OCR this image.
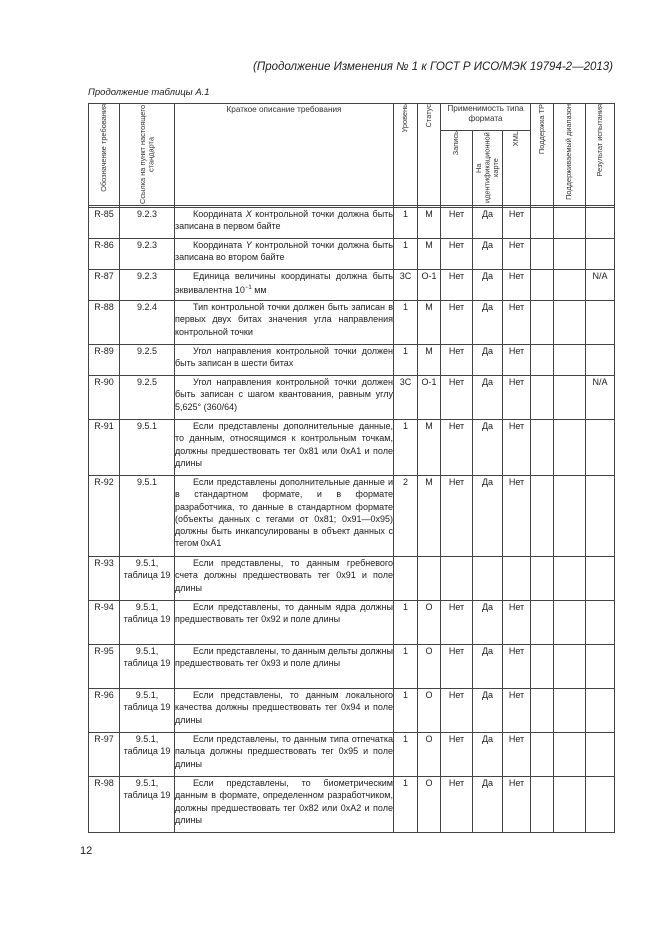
(Продолжение Изменения № 1 к ГОСТ Р ИСО/МЭК 19794-2—2013)
Продолжение таблицы А.1
Обозначение требования	Ссылка на пункт настоящего стандарта	Краткое описание требования	Уровень	Статус	Применимость типа формата			Поддержка ТР	Поддерживаемый диапазон	Результат испытания

					Запись	На идентификационной карте	XML			

R-85	9.2.3	Координата X контрольной точки должна быть записана в первом байте	1	М	Нет	Да	Нет			
R-86	9.2.3	Координата Y контрольной точки должна быть записана во втором байте	1	М	Нет	Да	Нет			
R-87	9.2.3	Единица величины координаты должна быть эквивалентна $10^{-1}$ мм	3С	О-1	Нет	Да	Нет			N/A
R-88	9.2.4	Тип контрольной точки должен быть записан в первых двух битах значения угла направления контрольной точки	1	М	Нет	Да	Нет			
R-89	9.2.5	Угол направления контрольной точки должен быть записан в шести битах	1	М	Нет	Да	Нет			
R-90	9.2.5	Угол направления контрольной точки должен быть записан с шагом квантования, равным углу 5,625° (360/64)	3С	О-1	Нет	Да	Нет			N/A
R-91	9.5.1	Если представлены дополнительные данные, то данным, относящимся к контрольным точкам, должны предшествовать тег 0x81 или 0xA1 и поле длины	1	М	Нет	Да	Нет			
R-92	9.5.1	Если представлены дополнительные данные и в стандартном формате, и в формате разработчика, то данные в стандартном формате (объекты данных с тегами от 0x81; 0x91—0x95) должны быть инкапсулированы в объект данных с тегом 0xA1	2	М	Нет	Да	Нет			
R-93	9.5.1, таблица 19	Если представлены, то данным гребневого счета должны предшествовать тег 0x91 и поле длины								
R-94	9.5.1, таблица 19	Если представлены, то данным ядра должны предшествовать тег 0x92 и поле длины	1	О	Нет	Да	Нет			
R-95	9.5.1, таблица 19	Если представлены, то данным дельты должны предшествовать тег 0x93 и поле длины	1	О	Нет	Да	Нет			
R-96	9.5.1, таблица 19	Если представлены, то данным локального качества должны предшествовать тег 0x94 и поле длины	1	О	Нет	Да	Нет			
R-97	9.5.1, таблица 19	Если представлены, то данным типа отпечатка пальца должны предшествовать тег 0x95 и поле длины	1	О	Нет	Да	Нет			
R-98	9.5.1, таблица 19	Если представлены, то биометрическим данным в формате, определенном разработчиком, должны предшествовать тег 0x82 или 0xA2 и поле длины	1	О	Нет	Да	Нет			
12
